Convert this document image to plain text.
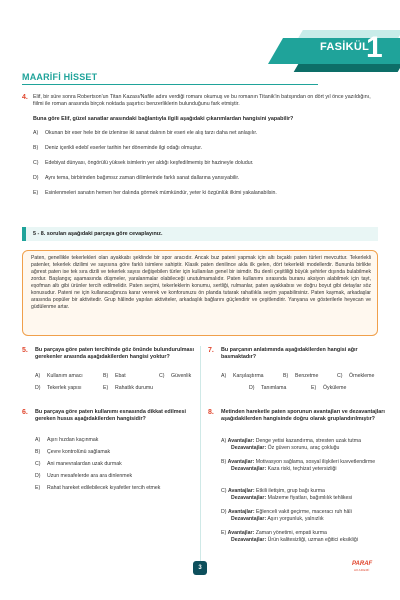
FASİKÜL
1
MAARİFİ HİSSET
4. Elif, bir süre sonra Robertson'un Titan Kazası/Nafile adını verdiği romanı okumuş ve bu romanın Titanik'in batışından on dört yıl önce yazıldığını, fiilmi ile roman arasında birçok noktada şaşırtıcı benzerliklerin bulunduğunu fark etmiştir.
Buna göre Elif, güzel sanatlar arasındaki bağlantıyla ilgili aşağıdaki çıkarımlardan hangisini yapabilir?
A) Okunan bir eser hele bir de izlenirse iki sanat dalının bir eseri ele alış tarzı daha net anlaşılır.
B) Deniz içerikli edebî eserler tarihin her döneminde ilgi odağı olmuştur.
C) Edebiyat dünyası, öngörülü yüksek isimlerin yer aldığı keşfedilmemiş bir hazineyle doludur.
D) Aynı tema, birbirinden bağımsız zaman dilimlerinde farklı sanat dallarına yansıyabilir.
E) Esinlenmeleri sanatın hemen her dalında görmek mümkündür, yeter ki özgünlük ilkimi yakalanabilsin.
5 - 8. soruları aşağıdaki parçaya göre cevaplayınız.
Paten, genellikle tekerlekleri olan ayakkabı şeklinde bir spor aracıdır. Ancak buz pateni yapmak için altı bıçaklı paten türleri mevcuttur. Tekerlekli patenler, tekerlek dizilimi ve sayısına göre farklı isimlere sahiptir. Klasik paten denilince akla ilk gelen, dört tekerlekli modellerdir. Bununla birlikte ağırest paten ise tek sıra dizili ve tekerlek sayısı değişebilen türler için kullanılan genel bir isimdir. Bu denli çeşitliliği büyük şehirler dışında bulabilmek zordur. Başlangıç aşamasında düşmeler, yaralanmalar olabileceği unutulmamalıdır. Paten kullanımı sırasında buranu aksiyon alabilmek için tayt, eşofman altı gibi ürünler tercih edilmelidir. Paten seçimi, tekerleklerin konumu, sertliği, rulmanlar, paten ayakkabısı ve doğru boyut gibi detaylar söz konusudur. Pateni ne için kullanacağınıza karar vererek ve konforunuzu ön planda tutarak rahatlıkla seçim yapabilirsiniz. Paten kaymak, arkadaşlar arasında popüler bir aktivitedir. Grup hâlinde yapılan aktiviteler, arkadaşlık bağlarını güçlendirir ve çeşitlendirir. Yanyana ve gösterilerle heyecan ve güdülenme artar.
5. Bu parçaya göre paten tercihinde göz önünde bulundurulması gerekenler arasında aşağıdakilerden hangisi yoktur?
A) Kullanım amacı	B) Ebat	C) Güvenlik
D) Tekerlek yapısı	E) Rahatlık durumu
6. Bu parçaya göre paten kullanımı esnasında dikkat edilmesi gereken husus aşağıdakilerden hangisidir?
A) Aşırı hızdan kaçınmak
B) Çevre kontrolünü sağlamak
C) Ani manevralardan uzak durmak
D) Uzun mesafelerde ara ara dinlenmek
E) Rahat hareket edilebilecek kıyafetler tercih etmek
7. Bu parçanın anlatımında aşağıdakilerden hangisi ağır basmaktadır?
A) Karşılaştırma	B) Benzetme	C) Örnekleme
D) Tanımlama	E) Öyküleme
8. Metinden hareketle paten sporunun avantajları ve dezavantajları aşağıdakilerden hangisinde doğru olarak gruplandırılmıştır?
A) Avantajlar: Denge yetisi kazandırma, stresten uzak tutma
Dezavantajlar: Öz güven sorunu, araç çokluğu
B) Avantajlar: Motivasyon sağlama, sosyal ilişkileri kuvvetlendirme
Dezavantajlar: Kaza riski, teçhizat yetersizliği
C) Avantajlar: Etkili iletişim, grup bağı kurma
Dezavantajlar: Malzeme fiyatları, bağımlılık tehlikesi
D) Avantajlar: Eğlenceli vakit geçirme, maceracı ruh hâli
Dezavantajlar: Aşırı yorgunluk, yalnızlık
E) Avantajlar: Zaman yönetimi, empati kurma
Dezavantajlar: Ürün kalitesizliği, uzman eğitici eksikliği
3
PARAF
AKADEMİ
